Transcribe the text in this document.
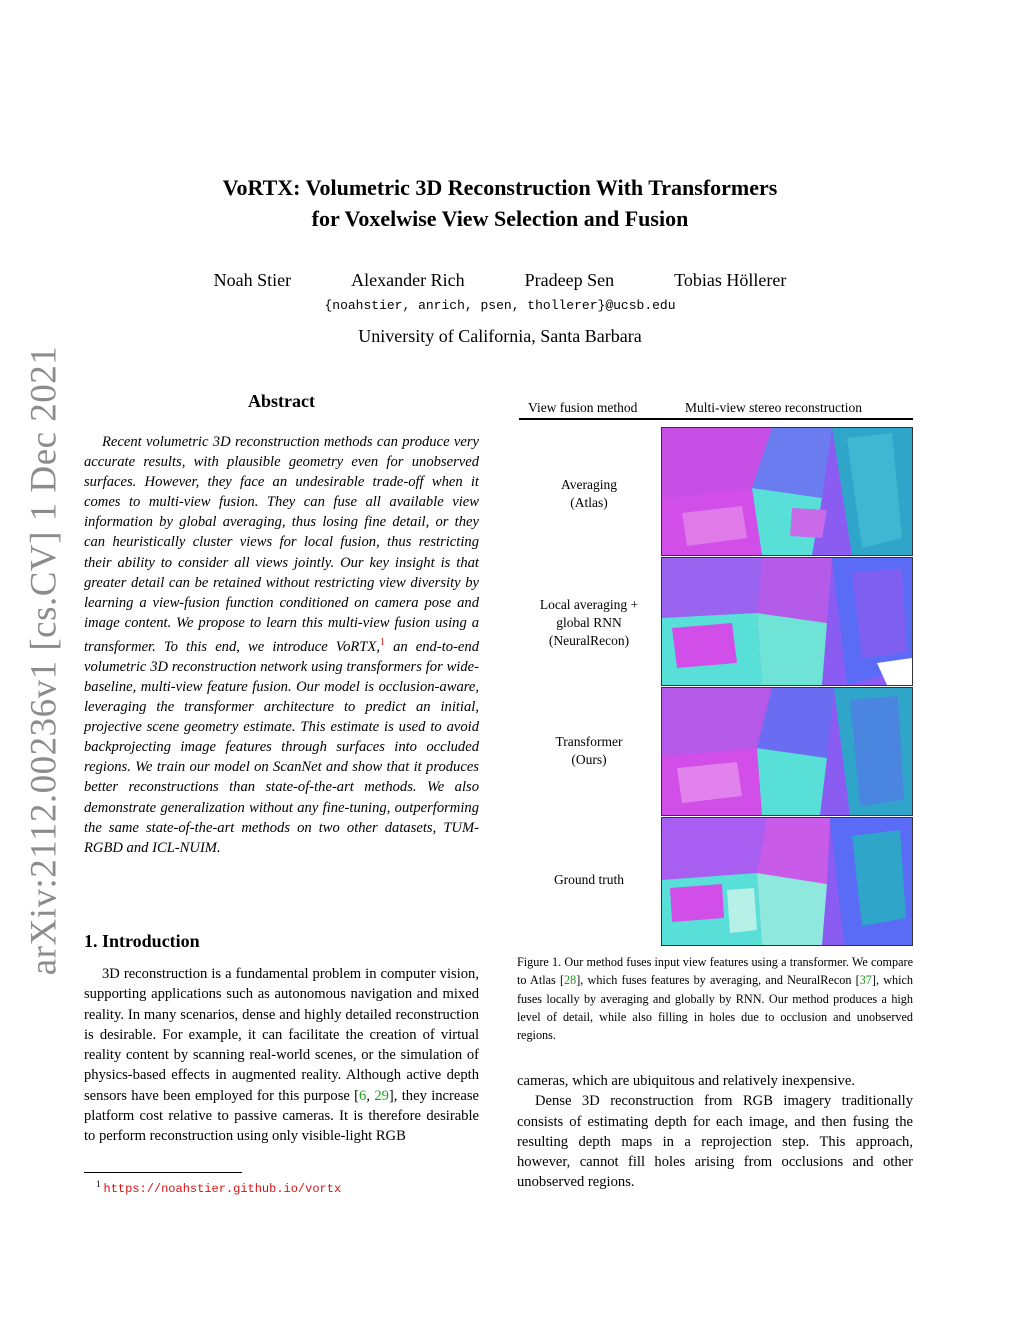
arXiv:2112.00236v1 [cs.CV] 1 Dec 2021
VoRTX: Volumetric 3D Reconstruction With Transformers
for Voxelwise View Selection and Fusion
Noah Stier	Alexander Rich	Pradeep Sen	Tobias Höllerer
{noahstier, anrich, psen, thollerer}@ucsb.edu
University of California, Santa Barbara
Abstract

Recent volumetric 3D reconstruction methods can produce very accurate results, with plausible geometry even for unobserved surfaces. However, they face an undesirable trade-off when it comes to multi-view fusion. They can fuse all available view information by global averaging, thus losing fine detail, or they can heuristically cluster views for local fusion, thus restricting their ability to consider all views jointly. Our key insight is that greater detail can be retained without restricting view diversity by learning a view-fusion function conditioned on camera pose and image content. We propose to learn this multi-view fusion using a transformer. To this end, we introduce VoRTX,$^1$ an end-to-end volumetric 3D reconstruction network using transformers for wide-baseline, multi-view feature fusion. Our model is occlusion-aware, leveraging the transformer architecture to predict an initial, projective scene geometry estimate. This estimate is used to avoid backprojecting image features through surfaces into occluded regions. We train our model on ScanNet and show that it produces better reconstructions than state-of-the-art methods. We also demonstrate generalization without any fine-tuning, outperforming the same state-of-the-art methods on two other datasets, TUM-RGBD and ICL-NUIM.

1. Introduction

3D reconstruction is a fundamental problem in computer vision, supporting applications such as autonomous navigation and mixed reality. In many scenarios, dense and highly detailed reconstruction is desirable. For example, it can facilitate the creation of virtual reality content by scanning real-world scenes, or the simulation of physics-based effects in augmented reality. Although active depth sensors have been employed for this purpose [6, 29], they increase platform cost relative to passive cameras. It is therefore desirable to perform reconstruction using only visible-light RGB

$^1$ https://noahstier.github.io/vortx
View fusion method	Multi-view stereo reconstruction
Averaging
(Atlas)
Local averaging +
global RNN
(NeuralRecon)
Transformer
(Ours)
Ground truth
Figure 1. Our method fuses input view features using a transformer. We compare to Atlas [28], which fuses features by averaging, and NeuralRecon [37], which fuses locally by averaging and globally by RNN. Our method produces a high level of detail, while also filling in holes due to occlusion and unobserved regions.

cameras, which are ubiquitous and relatively inexpensive.

Dense 3D reconstruction from RGB imagery traditionally consists of estimating depth for each image, and then fusing the resulting depth maps in a reprojection step. This approach, however, cannot fill holes arising from occlusions and other unobserved regions.
